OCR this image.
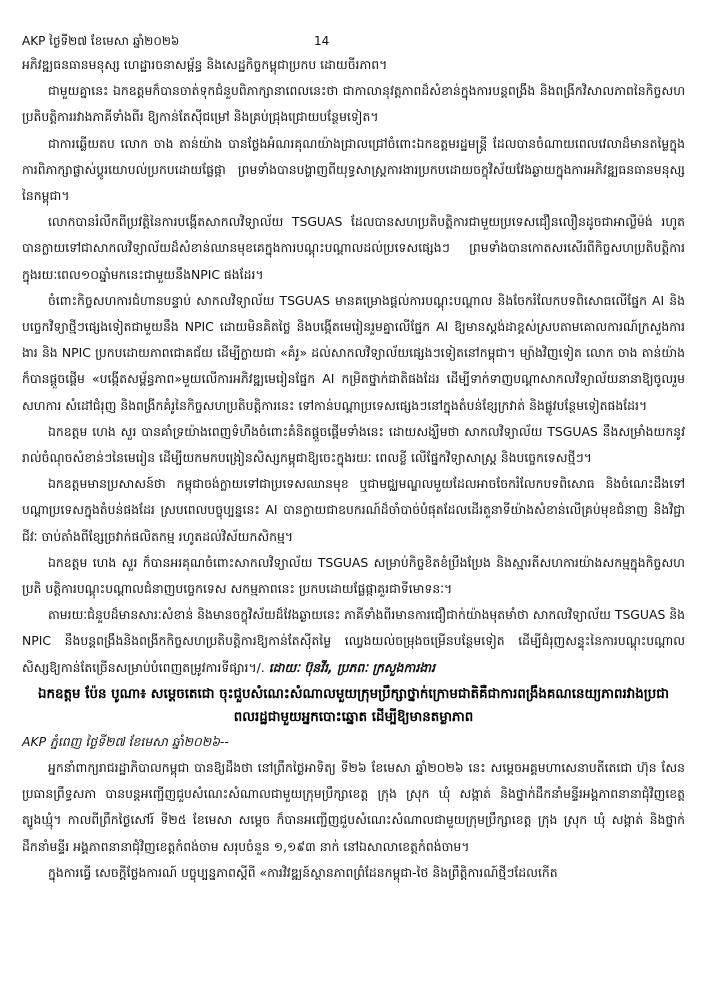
AKP ថ្ងៃទី២៧ ខែមេសា ឆ្នាំ២០២៦	14

អភិវឌ្ឍធនធានមនុស្ស ហេដ្ឋារចនាសម្ព័ន្ធ និងសេដ្ឋកិច្ចកម្ពុជាប្រកប ដោយចីរភាព។

ជាមួយគ្នានេះ ឯកឧត្តមក៏បានចាត់ទុកជំនួបពិភាក្សានាពេលនេះថា ជាកាលានុវត្តភាពដ៏សំខាន់ក្នុងការបន្តពង្រឹង និងពង្រីកវិសាលភាពនៃកិច្ចសហប្រតិបត្តិការរវាងភាគីទាំងពីរ ឱ្យកាន់តែស៊ីជម្រៅ និងគ្រប់ជ្រុងជ្រោយបន្ថែមទៀត។

ជាការឆ្លើយតប លោក ចាង តាន់យ៉ាង បានថ្លែងអំណរគុណយ៉ាងជ្រាលជ្រៅចំពោះឯកឧត្តមរដ្ឋមន្ត្រី ដែលបានចំណាយពេលវេលាដ៏មានតម្លៃក្នុងការពិភាក្សាផ្លាស់ប្តូរយោបល់ប្រកបដោយផ្លែផ្កា ព្រមទាំងបានបង្ហាញពីយុទ្ធសាស្ត្រការងារប្រកបដោយចក្ខុវិស័យវែងឆ្ងាយក្នុងការអភិវឌ្ឍធនធានមនុស្សនៃកម្ពុជា។

លោកបានរំលឹកពីប្រវត្តិនៃការបង្កើតសាកលវិទ្យាល័យ TSGUAS ដែលបានសហប្រតិបត្តិការជាមួយប្រទេសជឿនលឿនដូចជាអាល្លឺម៉ង់ រហូតបានក្លាយទៅជាសាកលវិទ្យាល័យដ៏សំខាន់ឈានមុខគេក្នុងការបណ្តុះបណ្តាលដល់ប្រទេសផ្សេងៗ ព្រមទាំងបានកោតសរសើរពីកិច្ចសហប្រតិបត្តិការក្នុងរយៈពេល១០ឆ្នាំមកនេះជាមួយនឹងNPIC ផងដែរ។

ចំពោះកិច្ចសហការជំហានបន្ទាប់ សាកលវិទ្យាល័យ TSGUAS មានគម្រោងផ្តល់ការបណ្តុះបណ្តាល និងចែករំលែកបទពិសោធលើផ្នែក AI និងបច្ចេកវិទ្យាថ្មីៗផ្សេងទៀតជាមួយនឹង NPIC ដោយមិនគិតថ្លៃ និងបង្កើតមេរៀនរួមគ្នាលើផ្នែក AI ឱ្យមានស្តង់ដាខ្ពស់ស្របតាមគោលការណ៍ក្រសួងការ ងារ និង NPIC ប្រកបដោយភាពជោគជ័យ ដើម្បីក្លាយជា «គំរូ» ដល់សាកលវិទ្យាល័យផ្សេងៗទៀតនៅកម្ពុជា។ ម្យ៉ាងវិញទៀត លោក ចាង តាន់យ៉ាង ក៏បានផ្តួចផ្តើម «បង្កើតសម្ព័ន្ធភាព»មួយលើការអភិវឌ្ឍមេរៀនផ្នែក AI កម្រិតថ្នាក់ជាតិផងដែរ ដើម្បីទាក់ទាញបណ្តាសាកលវិទ្យាល័យនានាឱ្យចូលរួមសហការ សំដៅជំរុញ និងពង្រីកគំរូនៃកិច្ចសហប្រតិបត្តិការនេះ ទៅកាន់បណ្តាប្រទេសផ្សេងៗនៅក្នុងតំបន់ខ្សែក្រវាត់ និងផ្លូវបន្ថែមទៀតផងដែរ។

ឯកឧត្តម ហេង សួរ បានគាំទ្រយ៉ាងពេញទំហឹងចំពោះគំនិតផ្តួចផ្តើមទាំងនេះ ដោយសង្ឃឹមថា សាកលវិទ្យាល័យ TSGUAS នឹងសម្រាំងយកនូវរាល់ចំណុចសំខាន់ៗនៃមេរៀន ដើម្បីយកមកបង្រៀនសិស្សកម្ពុជាឱ្យចេះក្នុងរយៈ ពេលខ្លី លើផ្នែកវិទ្យាសាស្ត្រ និងបច្ចេកទេសថ្មីៗ។

ឯកឧត្តមមានប្រសាសន៍ថា កម្ពុជាចង់ក្លាយទៅជាប្រទេសឈានមុខ ឬជាមជ្ឈមណ្ឌលមួយដែលអាចចែករំលែកបទពិសោធ និងចំណេះដឹងទៅបណ្តាប្រទេសក្នុងតំបន់ផងដែរ ស្របពេលបច្ចុប្បន្ននេះ AI បានក្លាយជាឧបករណ៍ដ៏ចាំបាច់បំផុតដែលដើរតួនាទីយ៉ាងសំខាន់លើគ្រប់មុខជំនាញ និងវិជ្ជាជីវៈ ចាប់តាំងពីខ្សែច្រវាក់ផលិតកម្ម រហូតដល់វិស័យកសិកម្ម។

ឯកឧត្តម ហេង សួរ ក៏បានអរគុណចំពោះសាកលវិទ្យាល័យ TSGUAS សម្រាប់កិច្ចខិតខំប្រឹងប្រែង និងស្មារតីសហការយ៉ាងសកម្មក្នុងកិច្ចសហប្រតិ បត្តិការបណ្តុះបណ្តាលជំនាញបច្ចេកទេស សកម្មភាពនេះ ប្រកបដោយផ្លែផ្កាគួរជាទីមោទនៈ។

តាមរយៈជំនួបដ៏មានសារៈសំខាន់ និងមានចក្ខុវិស័យដ៏វែងឆ្ងាយនេះ ភាគីទាំងពីរមានការជឿជាក់យ៉ាងមុតមាំថា សាកលវិទ្យាល័យ TSGUAS និង NPIC នឹងបន្តពង្រឹងនិងពង្រីកកិច្ចសហប្រតិបត្តិការឱ្យកាន់តែស៊ីតម្លៃ ឈ្វេងយល់ចម្រុងចម្រើនបន្ថែមទៀត ដើម្បីជំរុញសន្ទុះនៃការបណ្តុះបណ្តាលសិស្សឱ្យកាន់តែច្រើនសម្រាប់បំពេញតម្រូវការទីផ្សារ។/. ដោយៈ ប៊ុនវីរ, ប្រភពៈ ក្រសួងការងារ

ឯកឧត្តម ប៉ែន បូណា៖ សម្តេចតេជោ ចុះជួបសំណេះសំណាលមួយក្រុមប្រឹក្សាថ្នាក់ក្រោមជាតិគឺជាការពង្រឹងគណនេយ្យភាពរវាងប្រជាពលរដ្ឋជាមួយអ្នកបោះឆ្នោត ដើម្បីឱ្យមានតម្លាភាព

AKP ភ្នំពេញ ថ្ងៃទី២៧ ខែមេសា ឆ្នាំ២០២៦--

អ្នកនាំពាក្យរាជរដ្ឋាភិបាលកម្ពុជា បានឱ្យដឹងថា នៅព្រឹកថ្ងៃអាទិត្យ ទី២៦ ខែមេសា ឆ្នាំ២០២៦ នេះ សម្តេចអគ្គមហាសេនាបតីតេជោ ហ៊ុន សែន ប្រធានព្រឹទ្ធសភា បានបន្តអញ្ជើញជួបសំណេះសំណាលជាមួយក្រុមប្រឹក្សាខេត្ត ក្រុង ស្រុក ឃុំ សង្កាត់ និងថ្នាក់ដឹកនាំមន្ទីរអង្គភាពនានាជុំវិញខេត្តត្បូងឃ្មុំ។ កាលពីព្រឹកថ្ងៃសៅរ៍ ទី២៥ ខែមេសា សម្តេច ក៏បានអញ្ជើញជួបសំណេះសំណាលជាមួយក្រុមប្រឹក្សាខេត្ត ក្រុង ស្រុក ឃុំ សង្កាត់ និងថ្នាក់ដឹកនាំមន្ទីរ អង្គភាពនានាជុំវិញខេត្តកំពង់ចាម សរុបចំនួន ១,១៩៣ នាក់ នៅឯសាលាខេត្តកំពង់ចាម។

ក្នុងការធ្វើ សេចក្តីថ្លែងការណ៍ បច្ចុប្បន្នភាពស្តីពី «ការវិវឌ្ឍន៍ស្ថានភាពព្រំដែនកម្ពុជា-ថៃ និងព្រឹត្តិការណ៍ថ្មីៗដែលកើត
